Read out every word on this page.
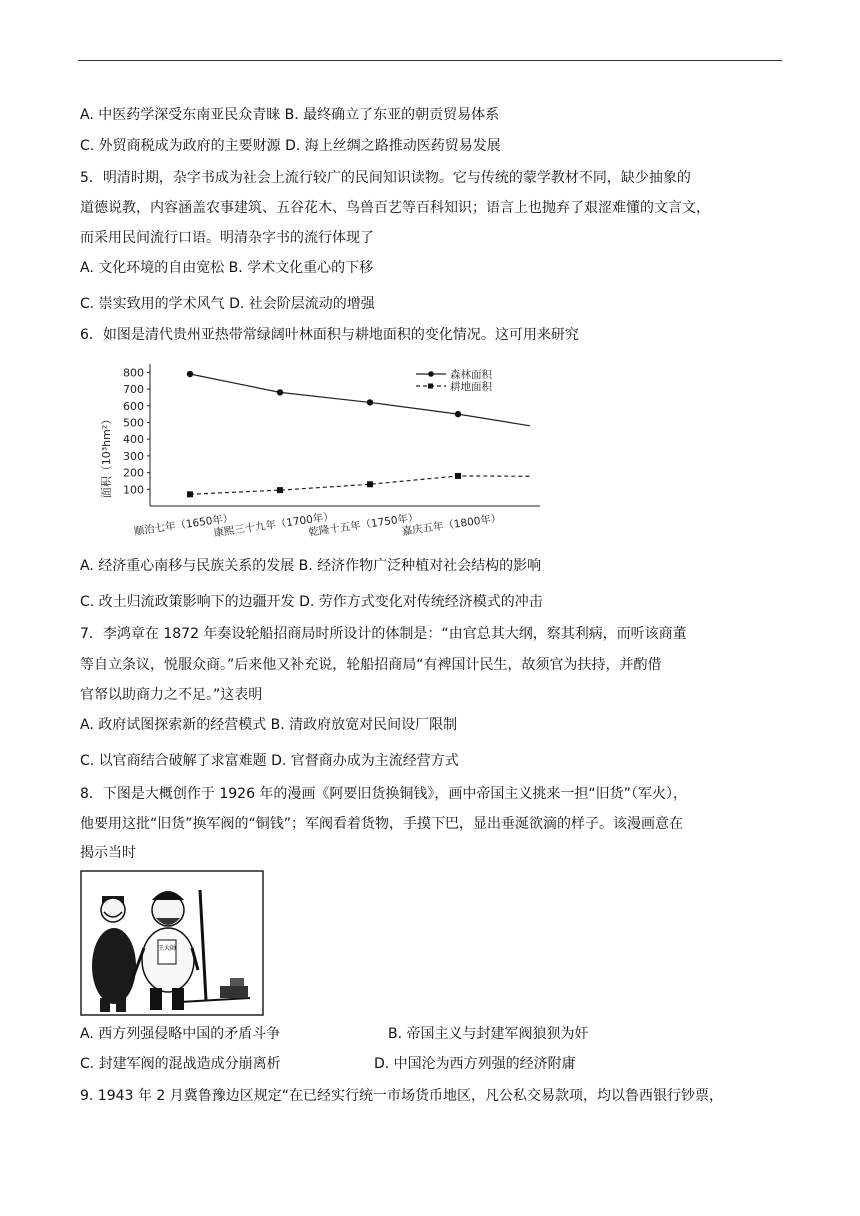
A. 中医药学深受东南亚民众青睐 B. 最终确立了东亚的朝贡贸易体系
C. 外贸商税成为政府的主要财源 D. 海上丝绸之路推动医药贸易发展
5．明清时期，杂字书成为社会上流行较广的民间知识读物。它与传统的蒙学教材不同，缺少抽象的
道德说教，内容涵盖农事建筑、五谷花木、鸟兽百艺等百科知识；语言上也抛弃了艰涩难懂的文言文，
而采用民间流行口语。明清杂字书的流行体现了
A. 文化环境的自由宽松 B. 学术文化重心的下移
C. 崇实致用的学术风气 D. 社会阶层流动的增强
6．如图是清代贵州亚热带常绿阔叶林面积与耕地面积的变化情况。这可用来研究
100
200
300
400
500
600
700
800
顺治七年（1650年）
康熙三十九年（1700年）
乾隆十五年（1750年）
嘉庆五年（1800年）
森林面积
耕地面积
面积（10³hm²）
A. 经济重心南移与民族关系的发展 B. 经济作物广泛种植对社会结构的影响
C. 改土归流政策影响下的边疆开发 D. 劳作方式变化对传统经济模式的冲击
7．李鸿章在 1872 年奏设轮船招商局时所设计的体制是：“由官总其大纲，察其利病，而听该商董
等自立条议，悦服众商。”后来他又补充说，轮船招商局“有裨国计民生，故须官为扶持，并酌借
官帑以助商力之不足。”这表明
A. 政府试图探索新的经营模式 B. 清政府放宽对民间设厂限制
C. 以官商结合破解了求富难题 D. 官督商办成为主流经营方式
8．下图是大概创作于 1926 年的漫画《阿要旧货换铜钱》，画中帝国主义挑来一担“旧货”（军火），
他要用这批“旧货”换军阀的“铜钱”；军阀看着货物，手摸下巴，显出垂涎欲滴的样子。该漫画意在
揭示当时
王大帥
A. 西方列强侵略中国的矛盾斗争	B. 帝国主义与封建军阀狼狈为奸
C. 封建军阀的混战造成分崩离析	D. 中国沦为西方列强的经济附庸
9. 1943 年 2 月冀鲁豫边区规定“在已经实行统一市场货币地区，凡公私交易款项，均以鲁西银行钞票，
